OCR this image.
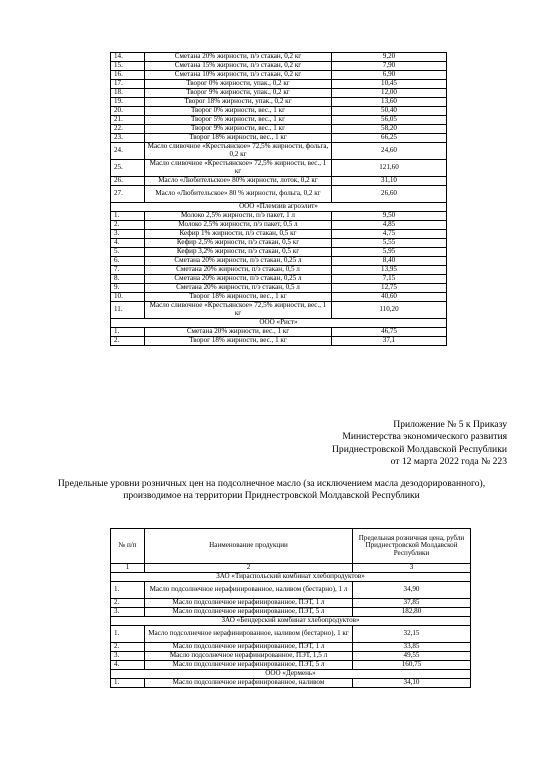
14.	Сметана 20% жирности, п/э стакан, 0,2 кг	9,20
15.	Сметана 15% жирности, п/э стакан, 0,2 кг	7,90
16.	Сметана 10% жирности, п/э стакан, 0,2 кг	6,90
17.	Творог 0% жирности, упак., 0,2 кг	10,45
18.	Творог 9% жирности, упак., 0,2 кг	12,00
19.	Творог 18% жирности, упак., 0,2 кг	13,60
20.	Творог 0% жирности, вес., 1 кг	50,40
21.	Творог 5% жирности, вес., 1 кг	56,05
22.	Творог 9% жирности, вес., 1 кг	58,20
23.	Творог 18% жирности, вес., 1 кг	66,25
24.	Масло сливочное «Крестьянское» 72,5% жирности, фольга, 0,2 кг	24,60
25.	Масло сливочное «Крестьянское» 72,5% жирности, вес., 1 кг	121,60
26.	Масло «Любительское» 80% жирности, лоток, 0,2 кг	31,10
27.	Масло «Любительское» 80 % жирности, фольга, 0,2 кг	26,60
ООО «Племзив агроэлит»		
1.	Молоко 2,5% жирности, п/э пакет, 1 л	9,50
2.	Молоко 2,5% жирности, п/э пакет, 0,5 л	4,85
3.	Кефир 1% жирности, п/э стакан, 0,5 кг	4,75
4.	Кефир 2,5% жирности, п/э стакан, 0,5 кг	5,55
5.	Кефир 3,2% жирности, п/э стакан, 0,5 кг	5,95
6.	Сметана 20% жирности, п/э стакан, 0,25 л	8,40
7.	Сметана 20% жирности, п/э стакан, 0,5 л	13,95
8.	Сметана 20% жирности, п/э стакан, 0,25 л	7,15
9.	Сметана 20% жирности, п/э стакан, 0,5 л	12,75
10.	Творог 18% жирности, вес., 1 кг	40,60
11.	Масло сливочное «Крестьянское» 72,5% жирности, вес., 1 кг	110,20
ООО «Рист»		
1.	Сметана 20% жирности, вес., 1 кг	46,75
2.	Творог 18% жирности, вес., 1 кг	37,1
Приложение № 5 к Приказу
Министерства экономического развития
Приднестровской Молдавской Республики
от 12 марта 2022 года № 223
Предельные уровни розничных цен на подсолнечное масло (за исключением масла дезодорированного), производимое на территории Приднестровской Молдавской Республики
№ п/п	Наименование продукции	Предельная розничная цена, рубли Приднестровской Молдавской Республики
1	2	3
ЗАО «Тираспольский комбинат хлебопродуктов»		
1.	Масло подсолнечное нерафинированное, наливом (бестарно), 1 л	34,90
2.	Масло подсолнечное нерафинированное, ПЭТ, 1 л	37,85
3.	Масло подсолнечное нерафинированное, ПЭТ, 5 л	182,80
ЗАО «Бендерский комбинат хлебопродуктов»		
1.	Масло подсолнечное нерафинированное, наливом (бестарно), 1 кг	32,15
2.	Масло подсолнечное нерафинированное, ПЭТ, 1 л	33,85
3.	Масло подсолнечное нерафинированное, ПЭТ, 1,5 л	49,55
4.	Масло подсолнечное нерафинированное, ПЭТ, 5 л	160,75
ООО «Дермень»		
1.	Масло подсолнечное нерафинированное, наливом	34,10
